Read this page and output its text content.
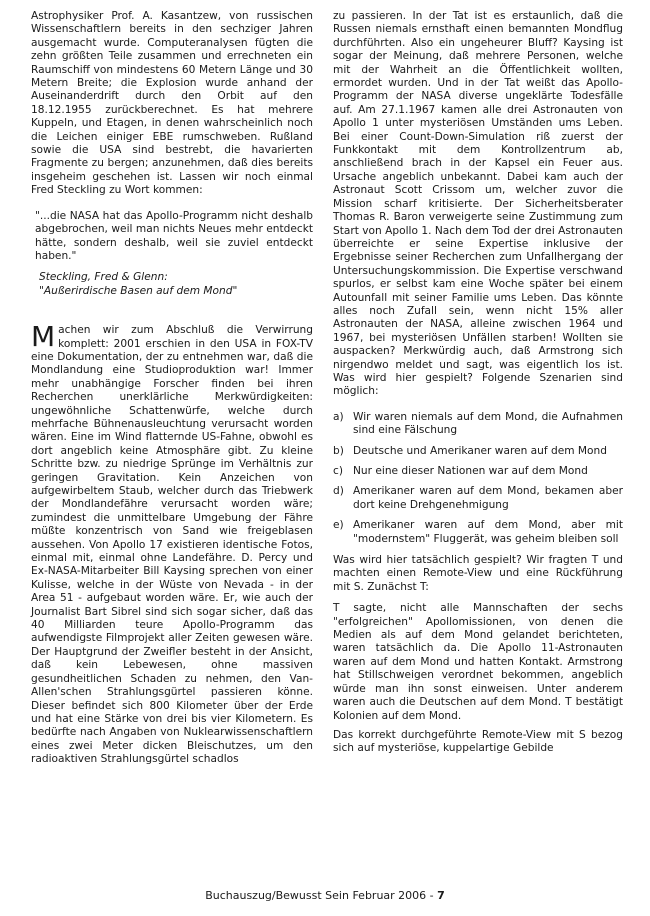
Astrophysiker Prof. A. Kasantzew, von russischen Wissenschaftlern bereits in den sechziger Jahren ausgemacht wurde. Computeranalysen fügten die zehn größten Teile zusammen und errechneten ein Raumschiff von mindestens 60 Metern Länge und 30 Metern Breite; die Explosion wurde anhand der Auseinanderdrift durch den Orbit auf den 18.12.1955 zurückberechnet. Es hat mehrere Kuppeln, und Etagen, in denen wahrscheinlich noch die Leichen einiger EBE rumschweben. Rußland sowie die USA sind bestrebt, die havarierten Fragmente zu bergen; anzunehmen, daß dies bereits insgeheim geschehen ist. Lassen wir noch einmal Fred Steckling zu Wort kommen:

"...die NASA hat das Apollo-Programm nicht deshalb abgebrochen, weil man nichts Neues mehr entdeckt hätte, sondern deshalb, weil sie zuviel entdeckt haben."

Steckling, Fred & Glenn:
"Außerirdische Basen auf dem Mond"

Machen wir zum Abschluß die Verwirrung komplett: 2001 erschien in den USA in FOX-TV eine Dokumentation, der zu entnehmen war, daß die Mondlandung eine Studioproduktion war! Immer mehr unabhängige Forscher finden bei ihren Recherchen unerklärliche Merkwürdigkeiten: ungewöhnliche Schattenwürfe, welche durch mehrfache Bühnenausleuchtung verursacht worden wären. Eine im Wind flatternde US-Fahne, obwohl es dort angeblich keine Atmosphäre gibt. Zu kleine Schritte bzw. zu niedrige Sprünge im Verhältnis zur geringen Gravitation. Kein Anzeichen von aufgewirbeltem Staub, welcher durch das Triebwerk der Mondlandefähre verursacht worden wäre; zumindest die unmittelbare Umgebung der Fähre müßte konzentrisch von Sand wie freigeblasen aussehen. Von Apollo 17 existieren identische Fotos, einmal mit, einmal ohne Landefähre. D. Percy und Ex-NASA-Mitarbeiter Bill Kaysing sprechen von einer Kulisse, welche in der Wüste von Nevada - in der Area 51 - aufgebaut worden wäre. Er, wie auch der Journalist Bart Sibrel sind sich sogar sicher, daß das 40 Milliarden teure Apollo-Programm das aufwendigste Filmprojekt aller Zeiten gewesen wäre. Der Hauptgrund der Zweifler besteht in der Ansicht, daß kein Lebewesen, ohne massiven gesundheitlichen Schaden zu nehmen, den Van-Allen'schen Strahlungsgürtel passieren könne. Dieser befindet sich 800 Kilometer über der Erde und hat eine Stärke von drei bis vier Kilometern. Es bedürfte nach Angaben von Nuklearwissenschaftlern eines zwei Meter dicken Bleischutzes, um den radioaktiven Strahlungsgürtel schadlos

zu passieren. In der Tat ist es erstaunlich, daß die Russen niemals ernsthaft einen bemannten Mondflug durchführten. Also ein ungeheurer Bluff? Kaysing ist sogar der Meinung, daß mehrere Personen, welche mit der Wahrheit an die Öffentlichkeit wollten, ermordet wurden. Und in der Tat weißt das Apollo-Programm der NASA diverse ungeklärte Todesfälle auf. Am 27.1.1967 kamen alle drei Astronauten von Apollo 1 unter mysteriösen Umständen ums Leben. Bei einer Count-Down-Simulation riß zuerst der Funkkontakt mit dem Kontrollzentrum ab, anschließend brach in der Kapsel ein Feuer aus. Ursache angeblich unbekannt. Dabei kam auch der Astronaut Scott Crissom um, welcher zuvor die Mission scharf kritisierte. Der Sicherheitsberater Thomas R. Baron verweigerte seine Zustimmung zum Start von Apollo 1. Nach dem Tod der drei Astronauten überreichte er seine Expertise inklusive der Ergebnisse seiner Recherchen zum Unfallhergang der Untersuchungskommission. Die Expertise verschwand spurlos, er selbst kam eine Woche später bei einem Autounfall mit seiner Familie ums Leben. Das könnte alles noch Zufall sein, wenn nicht 15% aller Astronauten der NASA, alleine zwischen 1964 und 1967, bei mysteriösen Unfällen starben! Wollten sie auspacken? Merkwürdig auch, daß Armstrong sich nirgendwo meldet und sagt, was eigentlich los ist. Was wird hier gespielt? Folgende Szenarien sind möglich:

a) Wir waren niemals auf dem Mond, die Aufnahmen sind eine Fälschung
b) Deutsche und Amerikaner waren auf dem Mond
c) Nur eine dieser Nationen war auf dem Mond
d) Amerikaner waren auf dem Mond, bekamen aber dort keine Drehgenehmigung
e) Amerikaner waren auf dem Mond, aber mit "modernstem" Fluggerät, was geheim bleiben soll

Was wird hier tatsächlich gespielt? Wir fragten T und machten einen Remote-View und eine Rückführung mit S. Zunächst T:

T sagte, nicht alle Mannschaften der sechs "erfolgreichen" Apollomissionen, von denen die Medien als auf dem Mond gelandet berichteten, waren tatsächlich da. Die Apollo 11-Astronauten waren auf dem Mond und hatten Kontakt. Armstrong hat Stillschweigen verordnet bekommen, angeblich würde man ihn sonst einweisen. Unter anderem waren auch die Deutschen auf dem Mond. T bestätigt Kolonien auf dem Mond.

Das korrekt durchgeführte Remote-View mit S bezog sich auf mysteriöse, kuppelartige Gebilde

Buchauszug/Bewusst Sein Februar 2006 - 7
